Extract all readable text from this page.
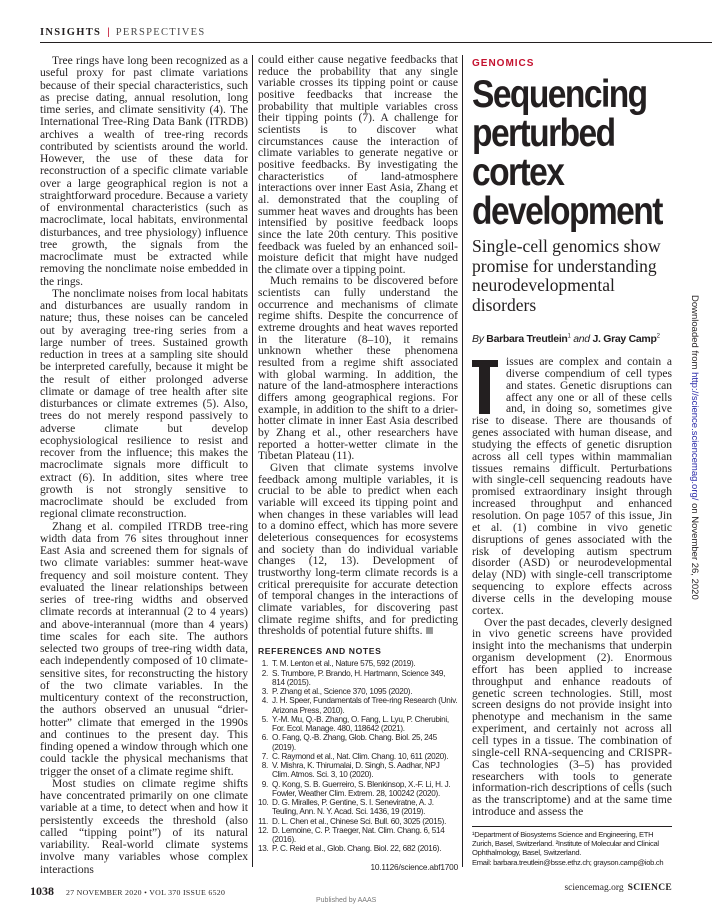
INSIGHTS | PERSPECTIVES

Tree rings have long been recognized as a useful proxy for past climate variations because of their special characteristics, such as precise dating, annual resolution, long time series, and climate sensitivity (4). The International Tree-Ring Data Bank (ITRDB) archives a wealth of tree-ring records contributed by scientists around the world. However, the use of these data for reconstruction of a specific climate variable over a large geographical region is not a straightforward procedure. Because a variety of environmental characteristics (such as macroclimate, local habitats, environmental disturbances, and tree physiology) influence tree growth, the signals from the macroclimate must be extracted while removing the nonclimate noise embedded in the rings.

The nonclimate noises from local habitats and disturbances are usually random in nature; thus, these noises can be canceled out by averaging tree-ring series from a large number of trees. Sustained growth reduction in trees at a sampling site should be interpreted carefully, because it might be the result of either prolonged adverse climate or damage of tree health after site disturbances or climate extremes (5). Also, trees do not merely respond passively to adverse climate but develop ecophysiological resilience to resist and recover from the influence; this makes the macroclimate signals more difficult to extract (6). In addition, sites where tree growth is not strongly sensitive to macroclimate should be excluded from regional climate reconstruction.

Zhang et al. compiled ITRDB tree-ring width data from 76 sites throughout inner East Asia and screened them for signals of two climate variables: summer heat-wave frequency and soil moisture content. They evaluated the linear relationships between series of tree-ring widths and observed climate records at interannual (2 to 4 years) and above-interannual (more than 4 years) time scales for each site. The authors selected two groups of tree-ring width data, each independently composed of 10 climate-sensitive sites, for reconstructing the history of the two climate variables. In the multicentury context of the reconstruction, the authors observed an unusual “drier-hotter” climate that emerged in the 1990s and continues to the present day. This finding opened a window through which one could tackle the physical mechanisms that trigger the onset of a climate regime shift.

Most studies on climate regime shifts have concentrated primarily on one climate variable at a time, to detect when and how it persistently exceeds the threshold (also called “tipping point”) of its natural variability. Real-world climate systems involve many variables whose complex interactions

could either cause negative feedbacks that reduce the probability that any single variable crosses its tipping point or cause positive feedbacks that increase the probability that multiple variables cross their tipping points (7). A challenge for scientists is to discover what circumstances cause the interaction of climate variables to generate negative or positive feedbacks. By investigating the characteristics of land-atmosphere interactions over inner East Asia, Zhang et al. demonstrated that the coupling of summer heat waves and droughts has been intensified by positive feedback loops since the late 20th century. This positive feedback was fueled by an enhanced soil-moisture deficit that might have nudged the climate over a tipping point.

Much remains to be discovered before scientists can fully understand the occurrence and mechanisms of climate regime shifts. Despite the concurrence of extreme droughts and heat waves reported in the literature (8–10), it remains unknown whether these phenomena resulted from a regime shift associated with global warming. In addition, the nature of the land-atmosphere interactions differs among geographical regions. For example, in addition to the shift to a drier-hotter climate in inner East Asia described by Zhang et al., other researchers have reported a hotter-wetter climate in the Tibetan Plateau (11).

Given that climate systems involve feedback among multiple variables, it is crucial to be able to predict when each variable will exceed its tipping point and when changes in these variables will lead to a domino effect, which has more severe deleterious consequences for ecosystems and society than do individual variable changes (12, 13). Development of trustworthy long-term climate records is a critical prerequisite for accurate detection of temporal changes in the interactions of climate variables, for discovering past climate regime shifts, and for predicting thresholds of potential future shifts.

REFERENCES AND NOTES
1. T. M. Lenton et al., Nature 575, 592 (2019).
2. S. Trumbore, P. Brando, H. Hartmann, Science 349, 814 (2015).
3. P. Zhang et al., Science 370, 1095 (2020).
4. J. H. Speer, Fundamentals of Tree-ring Research (Univ. Arizona Press, 2010).
5. Y.-M. Mu, Q.-B. Zhang, O. Fang, L. Lyu, P. Cherubini, For. Ecol. Manage. 480, 118642 (2021).
6. O. Fang, Q.-B. Zhang, Glob. Chang. Biol. 25, 245 (2019).
7. C. Raymond et al., Nat. Clim. Chang. 10, 611 (2020).
8. V. Mishra, K. Thirumalai, D. Singh, S. Aadhar, NPJ Clim. Atmos. Sci. 3, 10 (2020).
9. Q. Kong, S. B. Guerreiro, S. Blenkinsop, X.-F. Li, H. J. Fowler, Weather Clim. Extrem. 28, 100242 (2020).
10. D. G. Miralles, P. Gentine, S. I. Seneviratne, A. J. Teuling, Ann. N. Y. Acad. Sci. 1436, 19 (2019).
11. D. L. Chen et al., Chinese Sci. Bull. 60, 3025 (2015).
12. D. Lemoine, C. P. Traeger, Nat. Clim. Chang. 6, 514 (2016).
13. P. C. Reid et al., Glob. Chang. Biol. 22, 682 (2016).
10.1126/science.abf1700
GENOMICS
Sequencing
perturbed
cortex
development
Single-cell genomics show promise for understanding neurodevelopmental disorders
By Barbara Treutlein$^1$ and J. Gray Camp$^2$

issues are complex and contain a diverse compendium of cell types and states. Genetic disruptions can affect any one or all of these cells and, in doing so, sometimes give rise to disease. There are thousands of genes associated with human disease, and studying the effects of genetic disruption across all cell types within mammalian tissues remains difficult. Perturbations with single-cell sequencing readouts have promised extraordinary insight through increased throughput and enhanced resolution. On page 1057 of this issue, Jin et al. (1) combine in vivo genetic disruptions of genes associated with the risk of developing autism spectrum disorder (ASD) or neurodevelopmental delay (ND) with single-cell transcriptome sequencing to explore effects across diverse cells in the developing mouse cortex.

Over the past decades, cleverly designed in vivo genetic screens have provided insight into the mechanisms that underpin organism development (2). Enormous effort has been applied to increase throughput and enhance readouts of genetic screen technologies. Still, most screen designs do not provide insight into phenotype and mechanism in the same experiment, and certainly not across all cell types in a tissue. The combination of single-cell RNA-sequencing and CRISPR-Cas technologies (3–5) has provided researchers with tools to generate information-rich descriptions of cells (such as the transcriptome) and at the same time introduce and assess the

¹Department of Biosystems Science and Engineering, ETH Zurich, Basel, Switzerland. ²Institute of Molecular and Clinical Ophthalmology, Basel, Switzerland.
Email: barbara.treutlein@bsse.ethz.ch; grayson.camp@iob.ch
Downloaded from http://science.sciencemag.org/ on November 26, 2020
1038 27 NOVEMBER 2020 • VOL 370 ISSUE 6520	sciencemag.org SCIENCE
Published by AAAS
